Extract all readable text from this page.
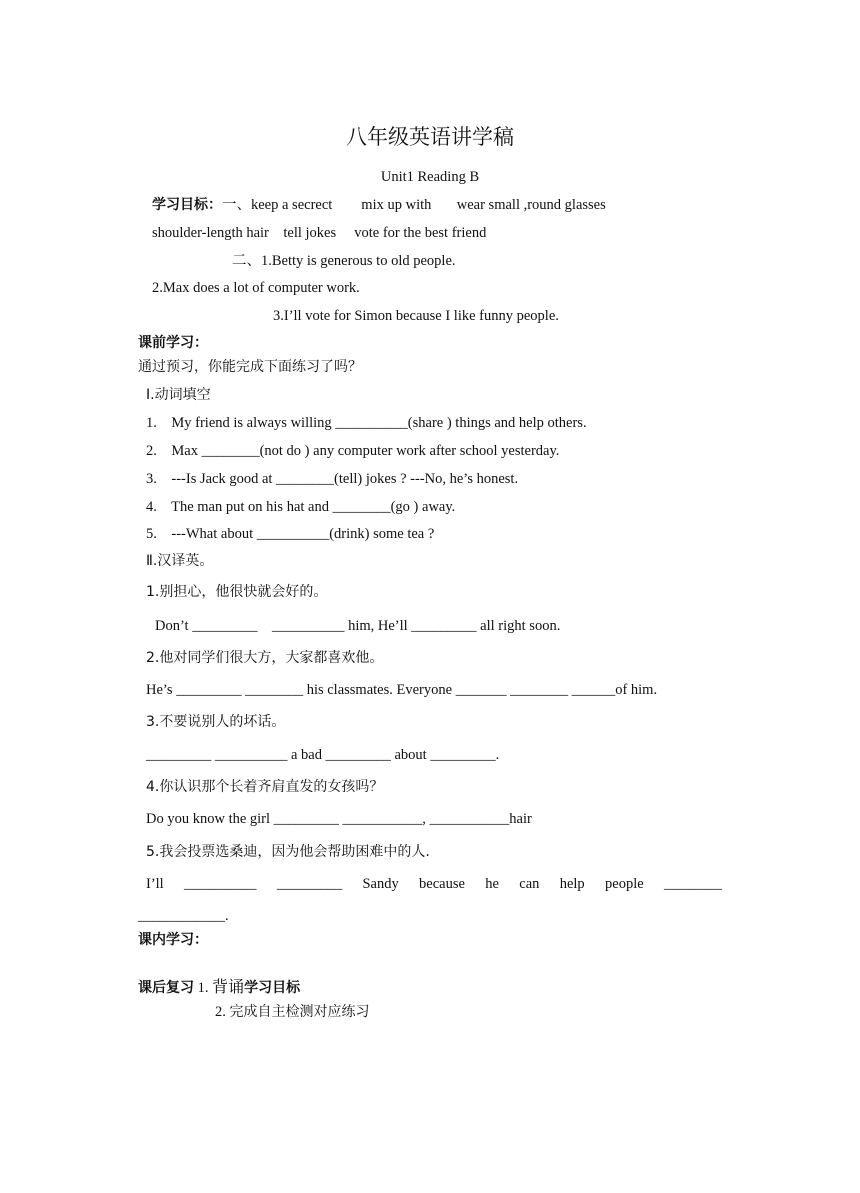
八年级英语讲学稿
Unit1 Reading B
学习目标：一、keep a secrect        mix up with       wear small ,round glasses
shoulder-length hair    tell jokes     vote for the best friend
二、1.Betty is generous to old people.
2.Max does a lot of computer work.
3.I’ll vote for Simon because I like funny people.
课前学习：
通过预习，你能完成下面练习了吗？
Ⅰ.动词填空
1.    My friend is always willing __________(share ) things and help others.
2.    Max ________(not do ) any computer work after school yesterday.
3.    ---Is Jack good at ________(tell) jokes ? ---No, he’s honest.
4.    The man put on his hat and ________(go ) away.
5.    ---What about __________(drink) some tea ?
Ⅱ.汉译英。
1.别担心，他很快就会好的。
Don’t _________    __________ him, He’ll _________ all right soon.
2.他对同学们很大方，大家都喜欢他。
He’s _________ ________ his classmates. Everyone _______ ________ ______of him.
3.不要说别人的坏话。
_________ __________ a bad _________ about _________.
4.你认识那个长着齐肩直发的女孩吗？
Do you know the girl _________ ___________, ___________hair
5.我会投票选桑迪，因为他会帮助困难中的人.
I’ll __________ _________ Sandy because he can help people ________
____________.
课内学习：
课后复习 1. 背诵学习目标
2. 完成自主检测对应练习
